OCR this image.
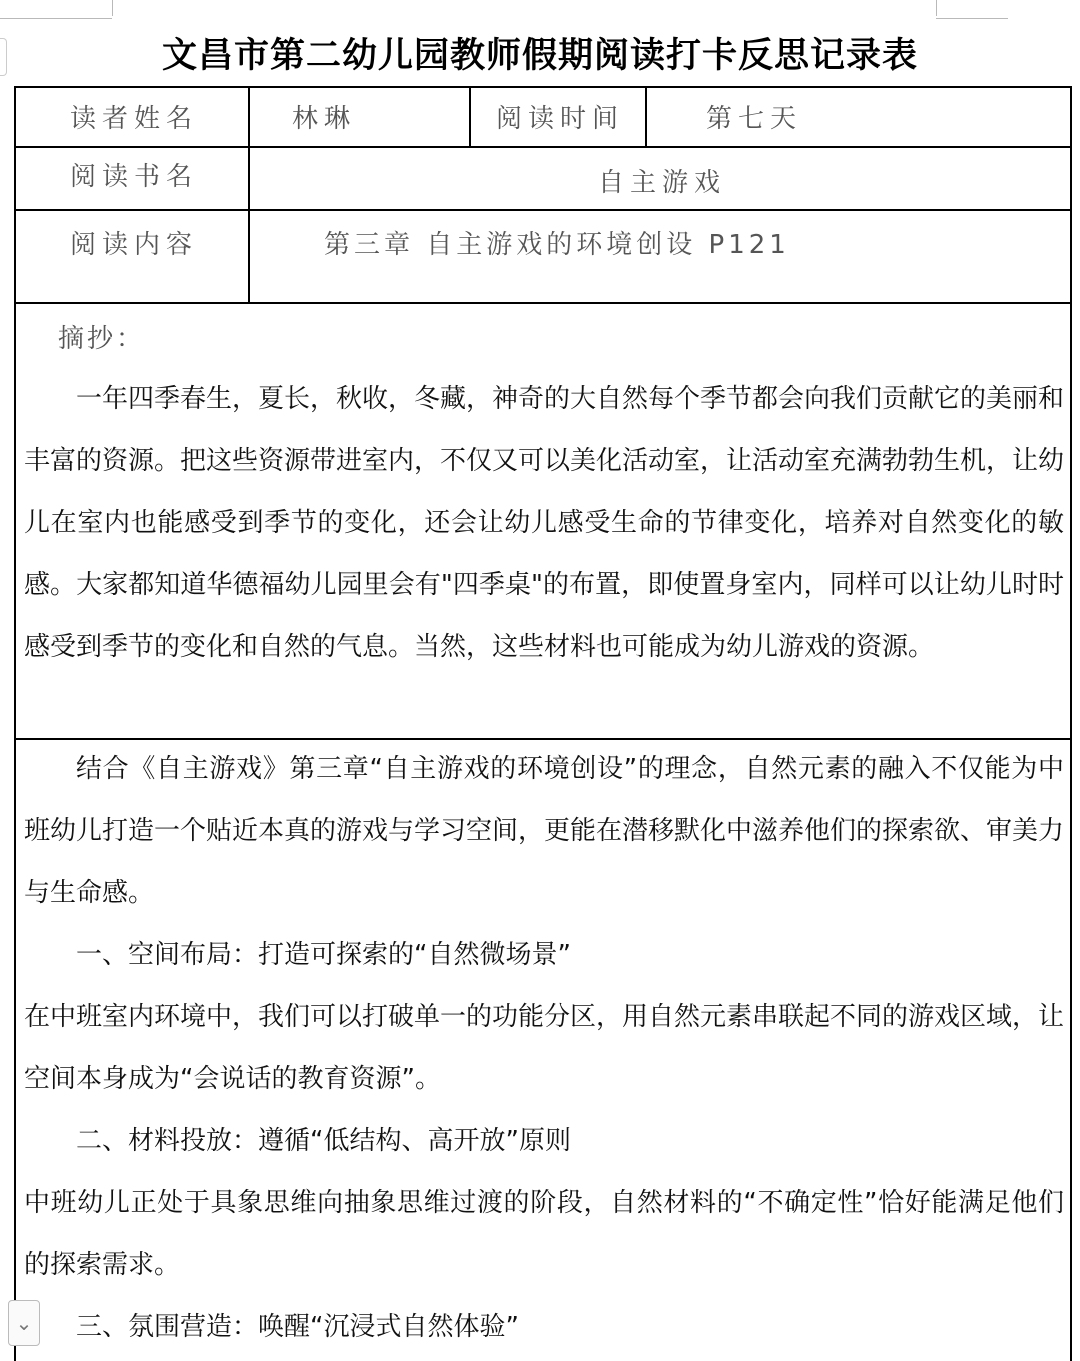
文昌市第二幼儿园教师假期阅读打卡反思记录表
读者姓名	林琳	阅读时间	第七天
阅读书名	自主游戏
阅读内容	第三章 自主游戏的环境创设 P121
摘抄：

一年四季春生，夏长，秋收，冬藏，神奇的大自然每个季节都会向我们贡献它的美丽和丰富的资源。把这些资源带进室内，不仅又可以美化活动室，让活动室充满勃勃生机，让幼儿在室内也能感受到季节的变化，还会让幼儿感受生命的节律变化，培养对自然变化的敏感。大家都知道华德福幼儿园里会有"四季桌"的布置，即使置身室内，同样可以让幼儿时时感受到季节的变化和自然的气息。当然，这些材料也可能成为幼儿游戏的资源。

结合《自主游戏》第三章“自主游戏的环境创设”的理念，自然元素的融入不仅能为中班幼儿打造一个贴近本真的游戏与学习空间，更能在潜移默化中滋养他们的探索欲、审美力与生命感。

一、空间布局：打造可探索的“自然微场景”

在中班室内环境中，我们可以打破单一的功能分区，用自然元素串联起不同的游戏区域，让空间本身成为“会说话的教育资源”。

二、材料投放：遵循“低结构、高开放”原则

中班幼儿正处于具象思维向抽象思维过渡的阶段，自然材料的“不确定性”恰好能满足他们的探索需求。

三、氛围营造：唤醒“沉浸式自然体验”

⌄
